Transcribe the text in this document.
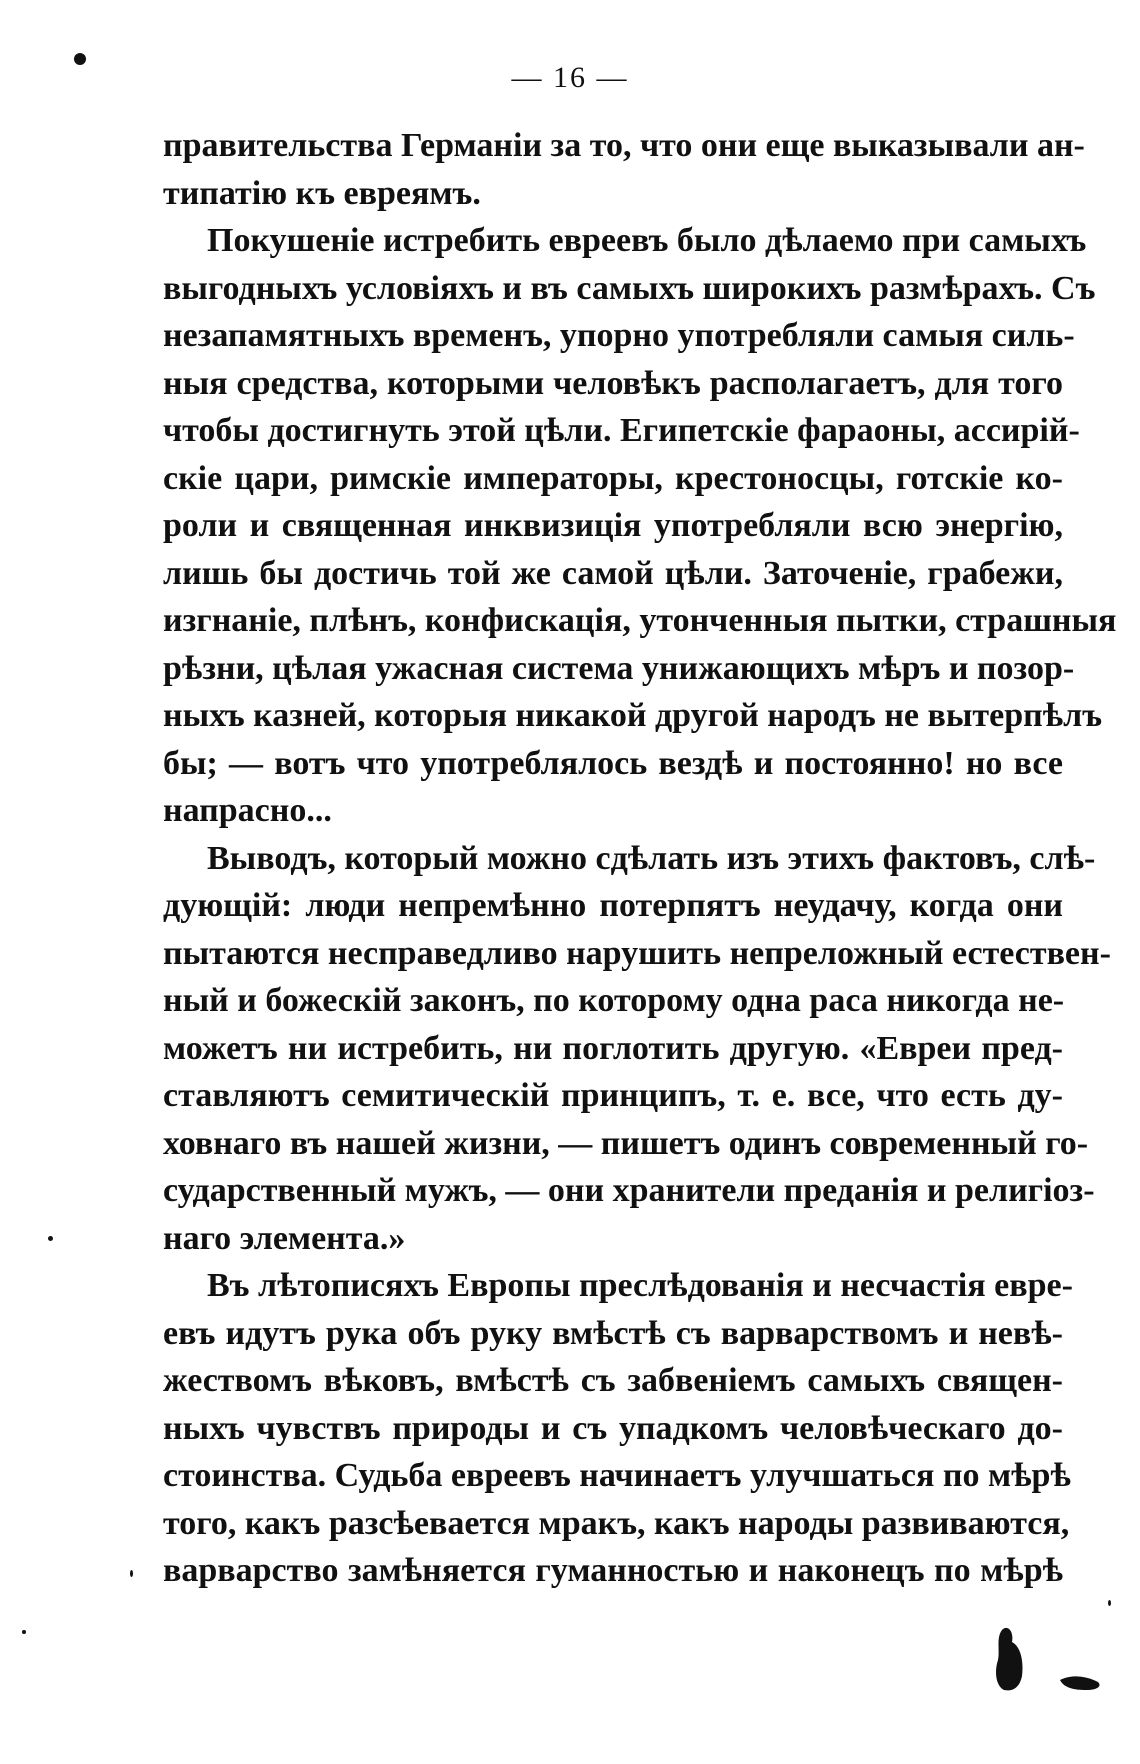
— 16 —
правительства Германіи за то, что они еще выказывали ан-
типатію къ евреямъ.
Покушеніе истребить евреевъ было дѣлаемо при самыхъ
выгодныхъ условіяхъ и въ самыхъ широкихъ размѣрахъ. Съ
незапамятныхъ временъ, упорно употребляли самыя силь-
ныя средства, которыми человѣкъ располагаетъ, для того
чтобы достигнуть этой цѣли. Египетскіе фараоны, ассирій-
скіе цари, римскіе императоры, крестоносцы, готскіе ко-
роли и священная инквизиція употребляли всю энергію,
лишь бы достичь той же самой цѣли. Заточеніе, грабежи,
изгнаніе, плѣнъ, конфискація, утонченныя пытки, страшныя
рѣзни, цѣлая ужасная система унижающихъ мѣръ и позор-
ныхъ казней, которыя никакой другой народъ не вытерпѣлъ
бы; — вотъ что употреблялось вездѣ и постоянно! но все
напрасно...
Выводъ, который можно сдѣлать изъ этихъ фактовъ, слѣ-
дующій: люди непремѣнно потерпятъ неудачу, когда они
пытаются несправедливо нарушить непреложный естествен-
ный и божескій законъ, по которому одна раса никогда не-
можетъ ни истребить, ни поглотить другую. «Евреи пред-
ставляютъ семитическій принципъ, т. е. все, что есть ду-
ховнаго въ нашей жизни, — пишетъ одинъ современный го-
сударственный мужъ, — они хранители преданія и религіоз-
наго элемента.»
Въ лѣтописяхъ Европы преслѣдованія и несчастія евре-
евъ идутъ рука объ руку вмѣстѣ съ варварствомъ и невѣ-
жествомъ вѣковъ, вмѣстѣ съ забвеніемъ самыхъ священ-
ныхъ чувствъ природы и съ упадкомъ человѣческаго до-
стоинства. Судьба евреевъ начинаетъ улучшаться по мѣрѣ
того, какъ разсѣевается мракъ, какъ народы развиваются,
варварство замѣняется гуманностью и наконецъ по мѣрѣ
